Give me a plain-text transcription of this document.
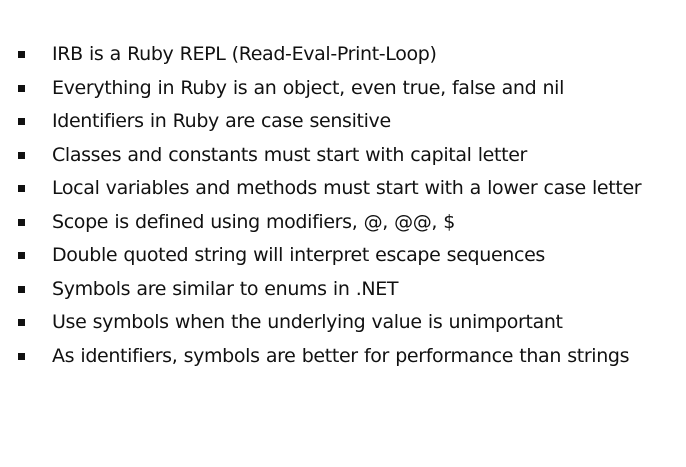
IRB is a Ruby REPL (Read-Eval-Print-Loop)
Everything in Ruby is an object, even true, false and nil
Identifiers in Ruby are case sensitive
Classes and constants must start with capital letter
Local variables and methods must start with a lower case letter
Scope is defined using modifiers, @, @@, $
Double quoted string will interpret escape sequences
Symbols are similar to enums in .NET
Use symbols when the underlying value is unimportant
As identifiers, symbols are better for performance than strings
